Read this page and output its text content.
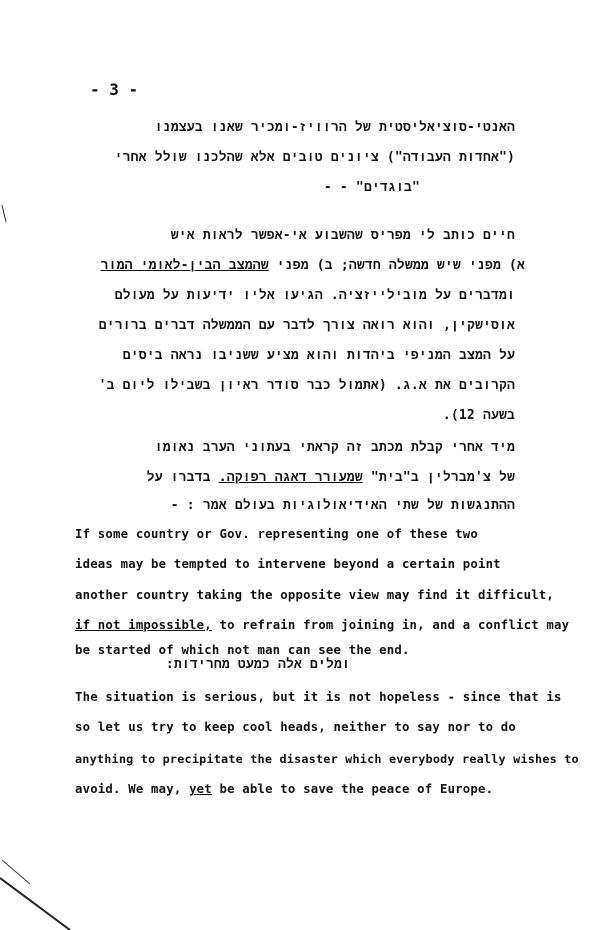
- 3 -
האנטי-סוציאליסטית של הרוויז-ומכיר שאנו בעצמנו
("אחדות העבודה") ציונים טובים אלא שהלכנו שולל אחרי
"בוגדים" - -
חיים כותב לי מפריס שהשבוע אי-אפשר לראות איש
א) מפני שיש ממשלה חדשה; ב) מפני שהמצב הבין-לאומי המור
ומדברים על מובילייזציה. הגיעו אליו ידיעות על מעולם
אוסישקין, והוא רואה צורך לדבר עם הממשלה דברים ברורים
על המצב המניפי ביהדות והוא מציע ששניבו נראה ביסים
הקרובים את א.ג. (אתמול כבר סודר ראיון בשבילו ליום ב'
בשעה 12).
מיד אחרי קבלת מכתב זה קראתי בעתוני הערב נאומו
של צ'מברלין ב"בית" שמעורר דאגה רפוקה. בדברו על
ההתנגשות של שתי האידיאולוגיות בעולם אמר : -
If some country or Gov. representing one of these two
ideas may be tempted to intervene beyond a certain point
another country taking the opposite view may find it difficult,
if not impossible, to refrain from joining in, and a conflict may
be started of which not man can see the end.
ומלים אלה כמעט מחרידות:
The situation is serious, but it is not hopeless - since that is
so let us try to keep cool heads, neither to say nor to do
anything to precipitate the disaster which everybody really wishes to
avoid. We may, yet be able to save the peace of Europe.
